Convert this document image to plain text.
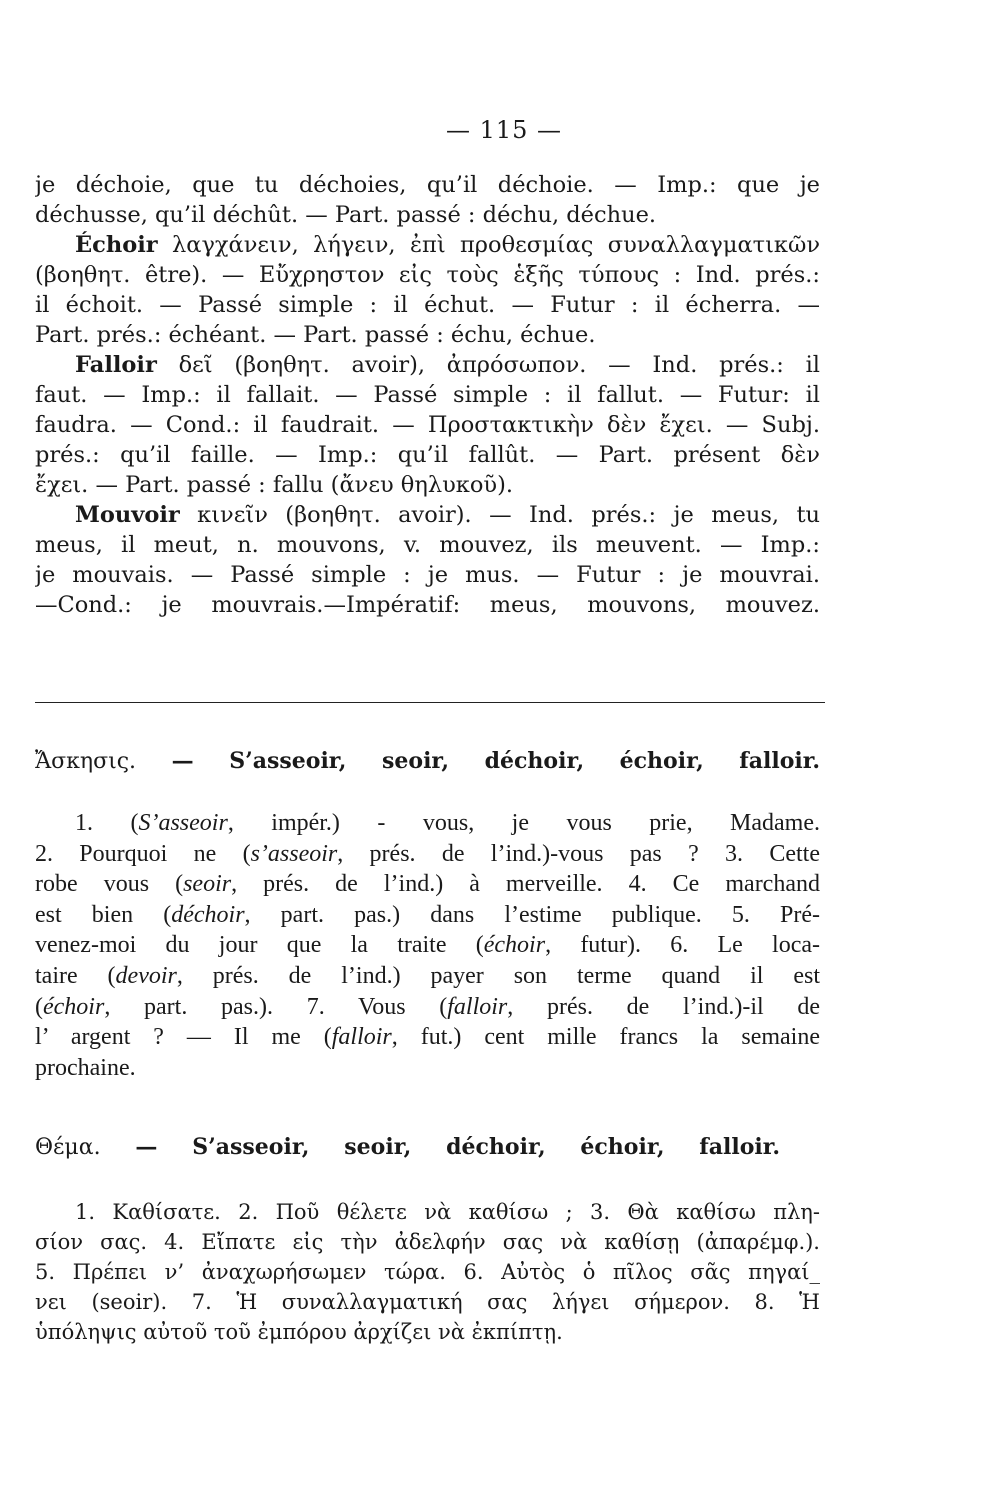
— 115 —
je déchoie, que tu déchoies, qu’il déchoie. — Imp.: que je
déchusse, qu’il déchût. — Part. passé : déchu, déchue.
Échoir λαγχάνειν, λήγειν, ἐπὶ προθεσμίας συναλλαγματικῶν
(βοηθητ. être). — Εὔχρηστον εἰς τοὺς ἑξῆς τύπους : Ind. prés.:
il échoit. — Passé simple : il échut. — Futur : il écherra. —
Part. prés.: échéant. — Part. passé : échu, échue.
Falloir δεῖ (βοηθητ. avoir), ἀπρόσωπον. — Ind. prés.: il
faut. — Imp.: il fallait. — Passé simple : il fallut. — Futur: il
faudra. — Cond.: il faudrait. — Προστακτικὴν δὲν ἔχει. — Subj.
prés.: qu’il faille. — Imp.: qu’il fallût. — Part. présent δὲν
ἔχει. — Part. passé : fallu (ἄνευ θηλυκοῦ).
Mouvoir κινεῖν (βοηθητ. avoir). — Ind. prés.: je meus, tu
meus, il meut, n. mouvons, v. mouvez, ils meuvent. — Imp.:
je mouvais. — Passé simple : je mus. — Futur : je mouvrai.
—Cond.: je mouvrais.—Impératif: meus, mouvons, mouvez.
Ἄσκησις. — S’asseoir, seoir, déchoir, échoir, falloir.
1. (S’asseoir, impér.) - vous, je vous prie, Madame.
2. Pourquoi ne (s’asseoir, prés. de l’ind.)-vous pas ? 3. Cette
robe vous (seoir, prés. de l’ind.) à merveille. 4. Ce marchand
est bien (déchoir, part. pas.) dans l’estime publique. 5. Pré-
venez-moi du jour que la traite (échoir, futur). 6. Le loca-
taire (devoir, prés. de l’ind.) payer son terme quand il est
(échoir, part. pas.). 7. Vous (falloir, prés. de l’ind.)-il de
l’ argent ? — Il me (falloir, fut.) cent mille francs la semaine
prochaine.
Θέμα. — S’asseoir, seoir, déchoir, échoir, falloir.
1. Καθίσατε. 2. Ποῦ θέλετε νὰ καθίσω ; 3. Θὰ καθίσω πλη-
σίον σας. 4. Εἴπατε εἰς τὴν ἀδελφήν σας νὰ καθίσῃ (ἀπαρέμφ.).
5. Πρέπει ν’ ἀναχωρήσωμεν τώρα. 6. Αὐτὸς ὁ πῖλος σᾶς πηγαί_
νει (seoir). 7. Ἡ συναλλαγματική σας λήγει σήμερον. 8. Ἡ
ὑπόληψις αὐτοῦ τοῦ ἐμπόρου ἀρχίζει νὰ ἐκπίπτῃ.
